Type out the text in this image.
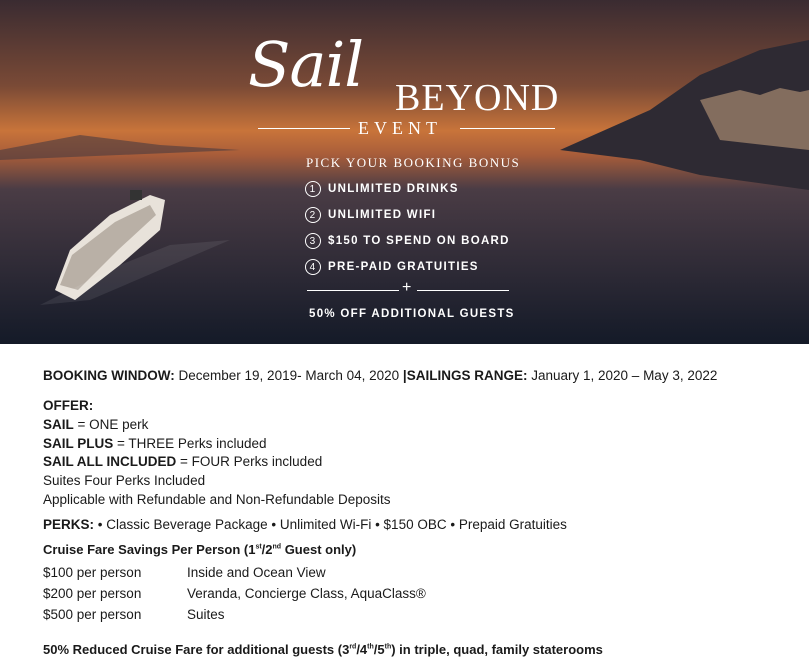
Sail BEYOND
EVENT
PICK YOUR BOOKING BONUS
1	UNLIMITED DRINKS
2	UNLIMITED WIFI
3	$150 TO SPEND ON BOARD
4	PRE-PAID GRATUITIES
+
50% OFF ADDITIONAL GUESTS
BOOKING WINDOW: December 19, 2019- March 04, 2020 |SAILINGS RANGE: January 1, 2020 – May 3, 2022
OFFER:
SAIL = ONE perk
SAIL PLUS = THREE Perks included
SAIL ALL INCLUDED = FOUR Perks included
Suites Four Perks Included
Applicable with Refundable and Non-Refundable Deposits
PERKS: • Classic Beverage Package • Unlimited Wi-Fi • $150 OBC • Prepaid Gratuities
Cruise Fare Savings Per Person (1st/2nd Guest only)
$100 per person	Inside and Ocean View
$200 per person	Veranda, Concierge Class, AquaClass®
$500 per person	Suites
50% Reduced Cruise Fare for additional guests (3rd/4th/5th) in triple, quad, family staterooms
